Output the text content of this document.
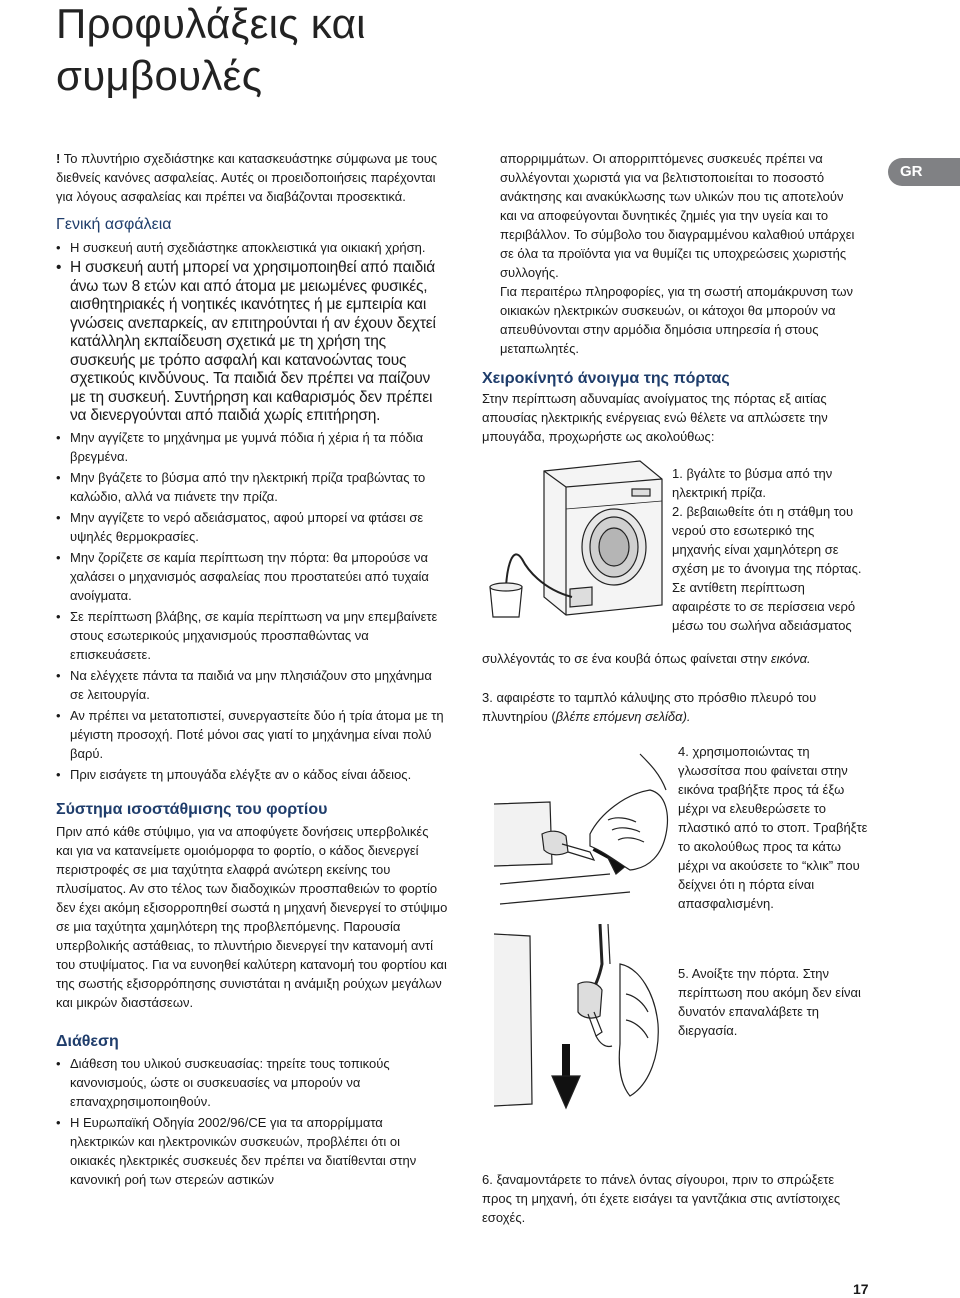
Προφυλάξεις και
συμβουλές
GR

! Το πλυντήριο σχεδιάστηκε και κατασκευάστηκε σύμφωνα με τους διεθνείς κανόνες ασφαλείας. Αυτές οι προειδοποιήσεις παρέχονται για λόγους ασφαλείας και πρέπει να διαβάζονται προσεκτικά.

Γενική ασφάλεια
• Η συσκευή αυτή σχεδιάστηκε αποκλειστικά για οικιακή χρήση.
• Η συσκευή αυτή μπορεί να χρησιμοποιηθεί από παιδιά άνω των 8 ετών και από άτομα με μειωμένες φυσικές, αισθητηριακές ή νοητικές ικανότητες ή με εμπειρία και γνώσεις ανεπαρκείς, αν επιτηρούνται ή αν έχουν δεχτεί κατάλληλη εκπαίδευση σχετικά με τη χρήση της συσκευής με τρόπο ασφαλή και κατανοώντας τους σχετικούς κινδύνους. Τα παιδιά δεν πρέπει να παίζουν με τη συσκευή. Συντήρηση και καθαρισμός δεν πρέπει να διενεργούνται από παιδιά χωρίς επιτήρηση.
• Μην αγγίζετε το μηχάνημα με γυμνά πόδια ή χέρια ή τα πόδια βρεγμένα.
• Μην βγάζετε το βύσμα από την ηλεκτρική πρίζα τραβώντας το καλώδιο, αλλά να πιάνετε την πρίζα.
• Μην αγγίζετε το νερό αδειάσματος, αφού μπορεί να φτάσει σε υψηλές θερμοκρασίες.
• Μην ζορίζετε σε καμία περίπτωση την πόρτα: θα μπορούσε να χαλάσει ο μηχανισμός ασφαλείας που προστατεύει από τυχαία ανοίγματα.
• Σε περίπτωση βλάβης, σε καμία περίπτωση να μην επεμβαίνετε στους εσωτερικούς μηχανισμούς προσπαθώντας να επισκευάσετε.
• Να ελέγχετε πάντα τα παιδιά να μην πλησιάζουν στο μηχάνημα σε λειτουργία.
• Αν πρέπει να μετατοπιστεί, συνεργαστείτε δύο ή τρία άτομα με τη μέγιστη προσοχή. Ποτέ μόνοι σας γιατί το μηχάνημα είναι πολύ βαρύ.
• Πριν εισάγετε τη μπουγάδα ελέγξτε αν ο κάδος είναι άδειος.
Σύστημα ισοστάθμισης του φορτίου

Πριν από κάθε στύψιμο, για να αποφύγετε δονήσεις υπερβολικές και για να κατανείμετε ομοιόμορφα το φορτίο, ο κάδος διενεργεί περιστροφές σε μια ταχύτητα ελαφρά ανώτερη εκείνης του πλυσίματος. Αν στο τέλος των διαδοχικών προσπαθειών το φορτίο δεν έχει ακόμη εξισορροπηθεί σωστά η μηχανή διενεργεί το στύψιμο σε μια ταχύτητα χαμηλότερη της προβλεπόμενης. Παρουσία υπερβολικής αστάθειας, το πλυντήριο διενεργεί την κατανομή αντί του στυψίματος. Για να ευνοηθεί καλύτερη κατανομή του φορτίου και της σωστής εξισορρόπησης συνιστάται η ανάμιξη ρούχων μεγάλων και μικρών διαστάσεων.

Διάθεση
• Διάθεση του υλικού συσκευασίας: τηρείτε τους τοπικούς κανονισμούς, ώστε οι συσκευασίες να μπορούν να επαναχρησιμοποιηθούν.
• Η Ευρωπαϊκή Οδηγία 2002/96/CE για τα απορρίμματα ηλεκτρικών και ηλεκτρονικών συσκευών, προβλέπει ότι οι οικιακές ηλεκτρικές συσκευές δεν πρέπει να διατίθενται στην κανονική ροή των στερεών αστικών

απορριμμάτων. Οι απορριπτόμενες συσκευές πρέπει να συλλέγονται χωριστά για να βελτιστοποιείται το ποσοστό ανάκτησης και ανακύκλωσης των υλικών που τις αποτελούν και να αποφεύγονται δυνητικές ζημιές για την υγεία και το περιβάλλον. Το σύμβολο του διαγραμμένου καλαθιού υπάρχει σε όλα τα προϊόντα για να θυμίζει τις υποχρεώσεις χωριστής συλλογής.

Για περαιτέρω πληροφορίες, για τη σωστή απομάκρυνση των οικιακών ηλεκτρικών συσκευών, οι κάτοχοι θα μπορούν να απευθύνονται στην αρμόδια δημόσια υπηρεσία ή στους μεταπωλητές.

Χειροκίνητό άνοιγμα της πόρτας

Στην περίπτωση αδυναμίας ανοίγματος της πόρτας εξ αιτίας απουσίας ηλεκτρικής ενέργειας ενώ θέλετε να απλώσετε την μπουγάδα, προχωρήστε ως ακολούθως:

1. βγάλτε το βύσμα από την ηλεκτρική πρίζα.

2. βεβαιωθείτε ότι η στάθμη του νερού στο εσωτερικό της μηχανής είναι χαμηλότερη σε σχέση με το άνοιγμα της πόρτας. Σε αντίθετη περίπτωση αφαιρέστε το σε περίσσεια νερό μέσω του σωλήνα αδειάσματος

συλλέγοντάς το σε ένα κουβά όπως φαίνεται στην εικόνα.

3. αφαιρέστε το ταμπλό κάλυψης στο πρόσθιο πλευρό του πλυντηρίου (βλέπε επόμενη σελίδα).

4. χρησιμοποιώντας τη γλωσσίτσα που φαίνεται στην εικόνα τραβήξτε προς τά έξω μέχρι να ελευθερώσετε το πλαστικό από το στοπ. Τραβήξτε το ακολούθως προς τα κάτω μέχρι να ακούσετε το “κλικ” που δείχνει ότι η πόρτα είναι απασφαλισμένη.

5. Ανοίξτε την πόρτα. Στην περίπτωση που ακόμη δεν είναι δυνατόν επαναλάβετε τη διεργασία.

6. ξαναμοντάρετε το πάνελ όντας σίγουροι, πριν το σπρώξετε προς τη μηχανή, ότι έχετε εισάγει τα γαντζάκια στις αντίστοιχες εσοχές.

17
